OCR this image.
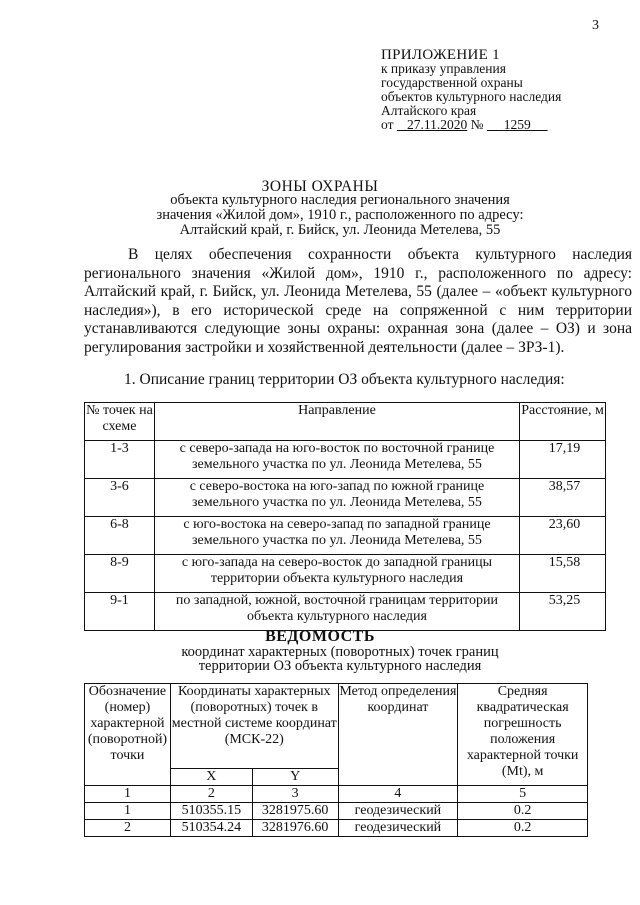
3
ПРИЛОЖЕНИЕ 1
к приказу управления
государственной охраны
объектов культурного наследия
Алтайского края
от 27.11.2020 № 1259
ЗОНЫ ОХРАНЫ
объекта культурного наследия регионального значения
значения «Жилой дом», 1910 г., расположенного по адресу:
Алтайский край, г. Бийск, ул. Леонида Метелева, 55
В целях обеспечения сохранности объекта культурного наследия регионального значения «Жилой дом», 1910 г., расположенного по адресу: Алтайский край, г. Бийск, ул. Леонида Метелева, 55 (далее – «объект культурного наследия»), в его исторической среде на сопряженной с ним территории устанавливаются следующие зоны охраны: охранная зона (далее – ОЗ) и зона регулирования застройки и хозяйственной деятельности (далее – ЗРЗ-1).
1. Описание границ территории ОЗ объекта культурного наследия:
№ точек на схеме	Направление	Расстояние, м
1-3	с северо-запада на юго-восток по восточной границе земельного участка по ул. Леонида Метелева, 55	17,19
3-6	с северо-востока на юго-запад по южной границе земельного участка по ул. Леонида Метелева, 55	38,57
6-8	с юго-востока на северо-запад по западной границе земельного участка по ул. Леонида Метелева, 55	23,60
8-9	с юго-запада на северо-восток до западной границы территории объекта культурного наследия	15,58
9-1	по западной, южной, восточной границам территории объекта культурного наследия	53,25
ВЕДОМОСТЬ
координат характерных (поворотных) точек границ
территории ОЗ объекта культурного наследия
Обозначение (номер) характерной (поворотной) точки	Координаты характерных (поворотных) точек в местной системе координат (МСК-22)		Метод определения координат	Средняя квадратическая погрешность положения характерной точки (Mt), м
	X	Y		
1	2	3	4	5
1	510355.15	3281975.60	геодезический	0.2
2	510354.24	3281976.60	геодезический	0.2
